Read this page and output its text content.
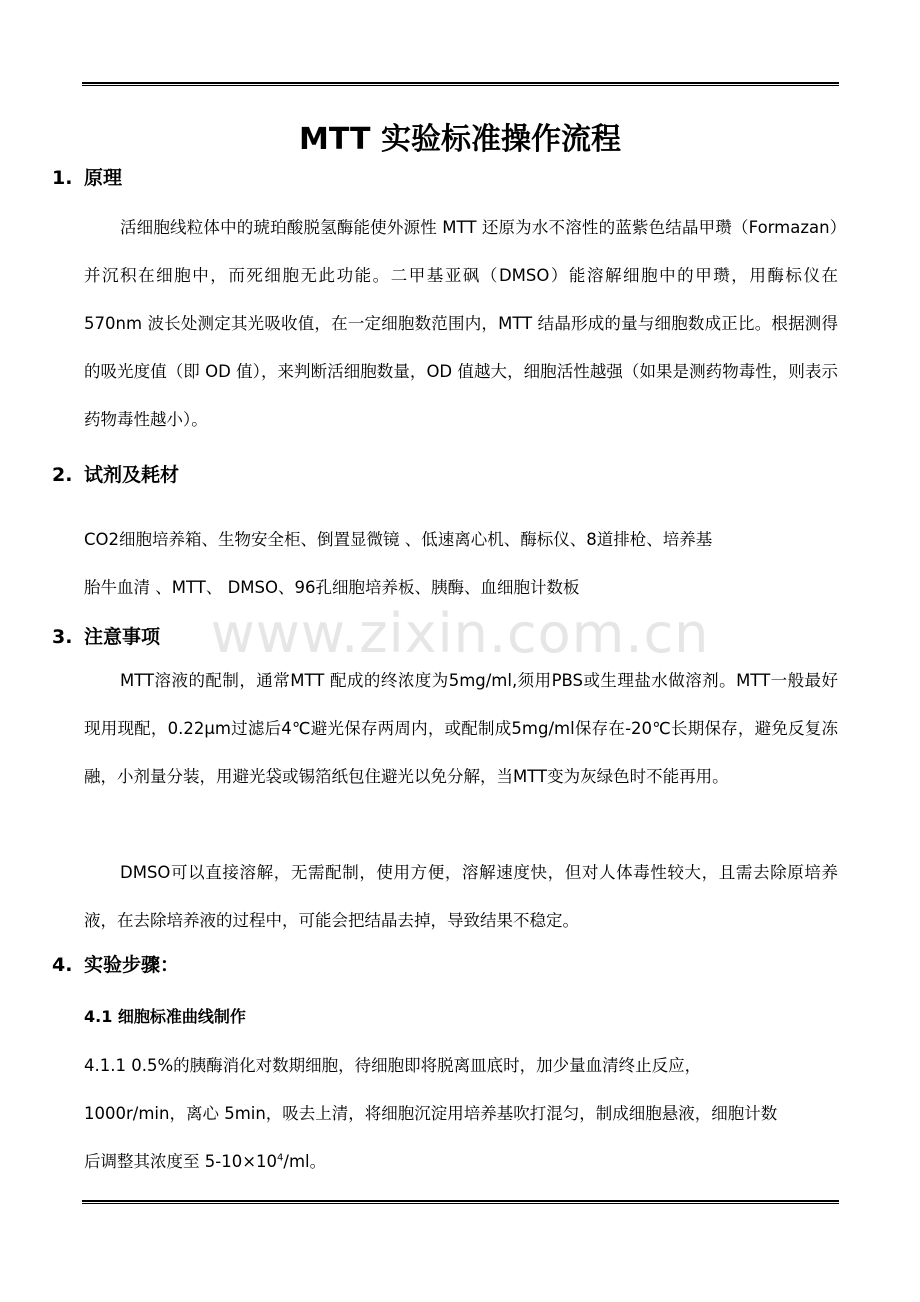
MTT 实验标准操作流程
1. 原理

活细胞线粒体中的琥珀酸脱氢酶能使外源性 MTT 还原为水不溶性的蓝紫色结晶甲瓒（Formazan）并沉积在细胞中，而死细胞无此功能。二甲基亚砜（DMSO）能溶解细胞中的甲瓒，用酶标仪在 570nm 波长处测定其光吸收值，在一定细胞数范围内，MTT 结晶形成的量与细胞数成正比。根据测得的吸光度值（即 OD 值），来判断活细胞数量，OD 值越大，细胞活性越强（如果是测药物毒性，则表示药物毒性越小）。

2. 试剂及耗材
CO2细胞培养箱、生物安全柜、倒置显微镜 、低速离心机、酶标仪、8道排枪、培养基
胎牛血清 、MTT、 DMSO、96孔细胞培养板、胰酶、血细胞计数板
www.zixin.com.cn
3. 注意事项

MTT溶液的配制，通常MTT 配成的终浓度为5mg/ml,须用PBS或生理盐水做溶剂。MTT一般最好现用现配，0.22μm过滤后4℃避光保存两周内，或配制成5mg/ml保存在-20℃长期保存，避免反复冻融，小剂量分装，用避光袋或锡箔纸包住避光以免分解，当MTT变为灰绿色时不能再用。

DMSO可以直接溶解，无需配制，使用方便，溶解速度快，但对人体毒性较大，且需去除原培养液，在去除培养液的过程中，可能会把结晶去掉，导致结果不稳定。

4. 实验步骤：
4.1 细胞标准曲线制作
4.1.1 0.5%的胰酶消化对数期细胞，待细胞即将脱离皿底时，加少量血清终止反应，
1000r/min，离心 5min，吸去上清，将细胞沉淀用培养基吹打混匀，制成细胞悬液，细胞计数
后调整其浓度至 $5-10\times 10^4/ml$。
